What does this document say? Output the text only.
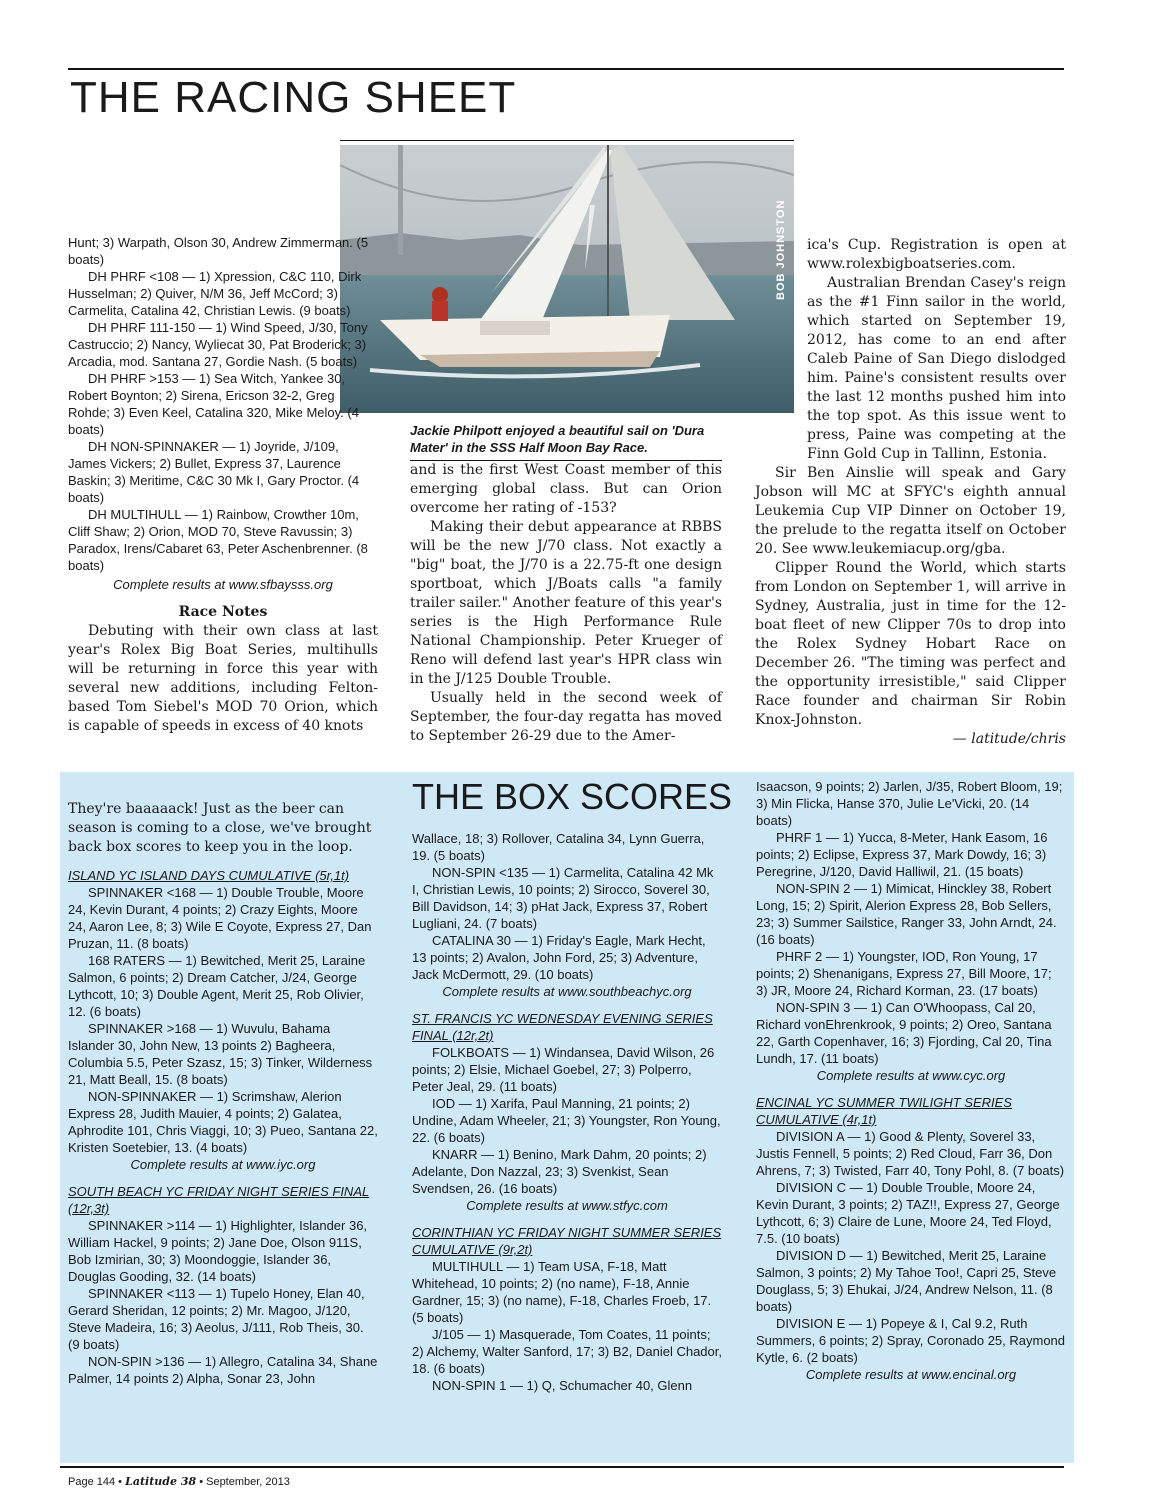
THE RACING SHEET
BOB JOHNSTON
Jackie Philpott enjoyed a beautiful sail on 'Dura Mater' in the SSS Half Moon Bay Race.

Hunt; 3) Warpath, Olson 30, Andrew Zimmerman. (5 boats)

DH PHRF <108 — 1) Xpression, C&C 110, Dirk Husselman; 2) Quiver, N/M 36, Jeff McCord; 3) Carmelita, Catalina 42, Christian Lewis. (9 boats)

DH PHRF 111-150 — 1) Wind Speed, J/30, Tony Castruccio; 2) Nancy, Wyliecat 30, Pat Broderick; 3) Arcadia, mod. Santana 27, Gordie Nash. (5 boats)

DH PHRF >153 — 1) Sea Witch, Yankee 30, Robert Boynton; 2) Sirena, Ericson 32-2, Greg Rohde; 3) Even Keel, Catalina 320, Mike Meloy. (4 boats)

DH NON-SPINNAKER — 1) Joyride, J/109, James Vickers; 2) Bullet, Express 37, Laurence Baskin; 3) Meritime, C&C 30 Mk I, Gary Proctor. (4 boats)

DH MULTIHULL — 1) Rainbow, Crowther 10m, Cliff Shaw; 2) Orion, MOD 70, Steve Ravussin; 3) Paradox, Irens/Cabaret 63, Peter Aschenbrenner. (8 boats)

Complete results at www.sfbaysss.org

Race Notes

Debuting with their own class at last year's Rolex Big Boat Series, multihulls will be returning in force this year with several new additions, including Felton-based Tom Siebel's MOD 70 Orion, which is capable of speeds in excess of 40 knots

and is the first West Coast member of this emerging global class. But can Orion overcome her rating of -153?

Making their debut appearance at RBBS will be the new J/70 class. Not exactly a "big" boat, the J/70 is a 22.75-ft one design sportboat, which J/Boats calls "a family trailer sailer." Another feature of this year's series is the High Performance Rule National Championship. Peter Krueger of Reno will defend last year's HPR class win in the J/125 Double Trouble.

Usually held in the second week of September, the four-day regatta has moved to September 26-29 due to the Amer-

ica's Cup. Registration is open at www.rolexbigboatseries.com.

Australian Brendan Casey's reign as the #1 Finn sailor in the world, which started on September 19, 2012, has come to an end after Caleb Paine of San Diego dislodged him. Paine's consistent results over the last 12 months pushed him into the top spot. As this issue went to press, Paine was competing at the Finn Gold Cup in Tallinn, Estonia.

Sir Ben Ainslie will speak and Gary Jobson will MC at SFYC's eighth annual Leukemia Cup VIP Dinner on October 19, the prelude to the regatta itself on October 20. See www.leukemiacup.org/gba.

Clipper Round the World, which starts from London on September 1, will arrive in Sydney, Australia, just in time for the 12-boat fleet of new Clipper 70s to drop into the Rolex Sydney Hobart Race on December 26. "The timing was perfect and the opportunity irresistible," said Clipper Race founder and chairman Sir Robin Knox-Johnston.

— latitude/chris

THE BOX SCORES

They're baaaaack! Just as the beer can season is coming to a close, we've brought back box scores to keep you in the loop.

ISLAND YC ISLAND DAYS CUMULATIVE (5r,1t)

SPINNAKER <168 — 1) Double Trouble, Moore 24, Kevin Durant, 4 points; 2) Crazy Eights, Moore 24, Aaron Lee, 8; 3) Wile E Coyote, Express 27, Dan Pruzan, 11. (8 boats)

168 RATERS — 1) Bewitched, Merit 25, Laraine Salmon, 6 points; 2) Dream Catcher, J/24, George Lythcott, 10; 3) Double Agent, Merit 25, Rob Olivier, 12. (6 boats)

SPINNAKER >168 — 1) Wuvulu, Bahama Islander 30, John New, 13 points 2) Bagheera, Columbia 5.5, Peter Szasz, 15; 3) Tinker, Wilderness 21, Matt Beall, 15. (8 boats)

NON-SPINNAKER — 1) Scrimshaw, Alerion Express 28, Judith Mauier, 4 points; 2) Galatea, Aphrodite 101, Chris Viaggi, 10; 3) Pueo, Santana 22, Kristen Soetebier, 13. (4 boats)

Complete results at www.iyc.org

SOUTH BEACH YC FRIDAY NIGHT SERIES FINAL (12r,3t)

SPINNAKER >114 — 1) Highlighter, Islander 36, William Hackel, 9 points; 2) Jane Doe, Olson 911S, Bob Izmirian, 30; 3) Moondoggie, Islander 36, Douglas Gooding, 32. (14 boats)

SPINNAKER <113 — 1) Tupelo Honey, Elan 40, Gerard Sheridan, 12 points; 2) Mr. Magoo, J/120, Steve Madeira, 16; 3) Aeolus, J/111, Rob Theis, 30. (9 boats)

NON-SPIN >136 — 1) Allegro, Catalina 34, Shane Palmer, 14 points 2) Alpha, Sonar 23, John

Wallace, 18; 3) Rollover, Catalina 34, Lynn Guerra, 19. (5 boats)

NON-SPIN <135 — 1) Carmelita, Catalina 42 Mk I, Christian Lewis, 10 points; 2) Sirocco, Soverel 30, Bill Davidson, 14; 3) pHat Jack, Express 37, Robert Lugliani, 24. (7 boats)

CATALINA 30 — 1) Friday's Eagle, Mark Hecht, 13 points; 2) Avalon, John Ford, 25; 3) Adventure, Jack McDermott, 29. (10 boats)

Complete results at www.southbeachyc.org

ST. FRANCIS YC WEDNESDAY EVENING SERIES FINAL (12r,2t)

FOLKBOATS — 1) Windansea, David Wilson, 26 points; 2) Elsie, Michael Goebel, 27; 3) Polperro, Peter Jeal, 29. (11 boats)

IOD — 1) Xarifa, Paul Manning, 21 points; 2) Undine, Adam Wheeler, 21; 3) Youngster, Ron Young, 22. (6 boats)

KNARR — 1) Benino, Mark Dahm, 20 points; 2) Adelante, Don Nazzal, 23; 3) Svenkist, Sean Svendsen, 26. (16 boats)

Complete results at www.stfyc.com

CORINTHIAN YC FRIDAY NIGHT SUMMER SERIES CUMULATIVE (9r,2t)

MULTIHULL — 1) Team USA, F-18, Matt Whitehead, 10 points; 2) (no name), F-18, Annie Gardner, 15; 3) (no name), F-18, Charles Froeb, 17. (5 boats)

J/105 — 1) Masquerade, Tom Coates, 11 points; 2) Alchemy, Walter Sanford, 17; 3) B2, Daniel Chador, 18. (6 boats)

NON-SPIN 1 — 1) Q, Schumacher 40, Glenn

Isaacson, 9 points; 2) Jarlen, J/35, Robert Bloom, 19; 3) Min Flicka, Hanse 370, Julie Le'Vicki, 20. (14 boats)

PHRF 1 — 1) Yucca, 8-Meter, Hank Easom, 16 points; 2) Eclipse, Express 37, Mark Dowdy, 16; 3) Peregrine, J/120, David Halliwil, 21. (15 boats)

NON-SPIN 2 — 1) Mimicat, Hinckley 38, Robert Long, 15; 2) Spirit, Alerion Express 28, Bob Sellers, 23; 3) Summer Sailstice, Ranger 33, John Arndt, 24. (16 boats)

PHRF 2 — 1) Youngster, IOD, Ron Young, 17 points; 2) Shenanigans, Express 27, Bill Moore, 17; 3) JR, Moore 24, Richard Korman, 23. (17 boats)

NON-SPIN 3 — 1) Can O'Whoopass, Cal 20, Richard vonEhrenkrook, 9 points; 2) Oreo, Santana 22, Garth Copenhaver, 16; 3) Fjording, Cal 20, Tina Lundh, 17. (11 boats)

Complete results at www.cyc.org

ENCINAL YC SUMMER TWILIGHT SERIES CUMULATIVE (4r,1t)

DIVISION A — 1) Good & Plenty, Soverel 33, Justis Fennell, 5 points; 2) Red Cloud, Farr 36, Don Ahrens, 7; 3) Twisted, Farr 40, Tony Pohl, 8. (7 boats)

DIVISION C — 1) Double Trouble, Moore 24, Kevin Durant, 3 points; 2) TAZ!!, Express 27, George Lythcott, 6; 3) Claire de Lune, Moore 24, Ted Floyd, 7.5. (10 boats)

DIVISION D — 1) Bewitched, Merit 25, Laraine Salmon, 3 points; 2) My Tahoe Too!, Capri 25, Steve Douglass, 5; 3) Ehukai, J/24, Andrew Nelson, 11. (8 boats)

DIVISION E — 1) Popeye & I, Cal 9.2, Ruth Summers, 6 points; 2) Spray, Coronado 25, Raymond Kytle, 6. (2 boats)

Complete results at www.encinal.org

Page 144 • Latitude 38 • September, 2013
